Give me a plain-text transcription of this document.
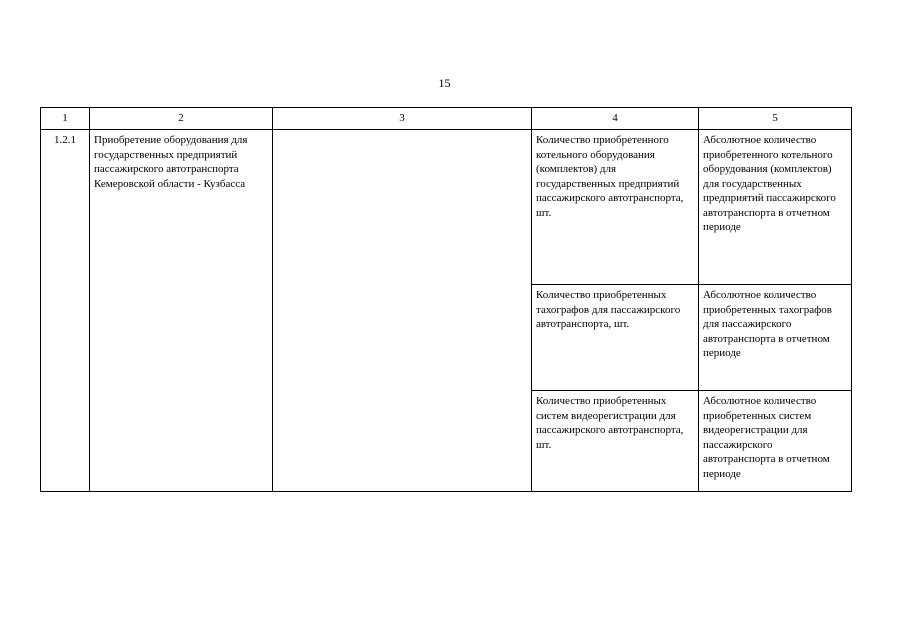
15
1	2	3	4	5
1.2.1	Приобретение оборудования для государственных предприятий пассажирского автотранспорта Кемеровской области - Кузбасса		Количество приобретенного котельного оборудования (комплектов) для государственных предприятий пассажирского автотранспорта, шт.	Абсолютное количество приобретенного котельного оборудования (комплектов) для государственных предприятий пассажирского автотранспорта в отчетном периоде
			Количество приобретенных тахографов для пассажирского автотранспорта, шт.	Абсолютное количество приобретенных тахографов для пассажирского автотранспорта в отчетном периоде
			Количество приобретенных систем видеорегистрации для пассажирского автотранспорта, шт.	Абсолютное количество приобретенных систем видеорегистрации для пассажирского автотранспорта в отчетном периоде
